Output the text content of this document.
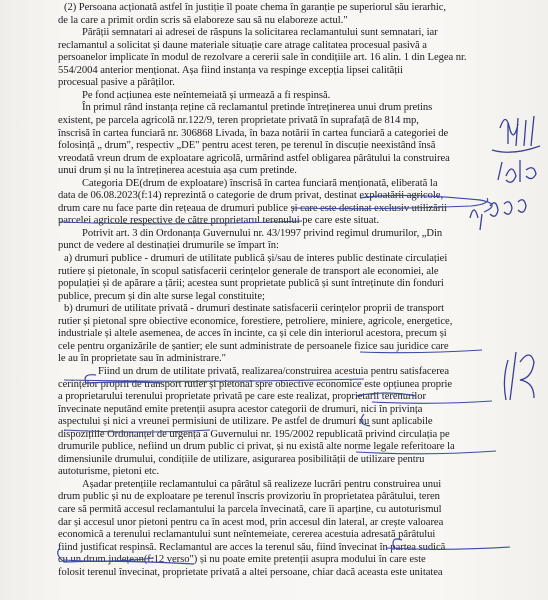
(2) Persoana acționată astfel în justiție îl poate chema în garanție pe superiorul său ierarhic,
de la care a primit ordin scris să elaboreze sau să nu elaboreze actul."
Părâții semnatari ai adresei de răspuns la solicitarea reclamantului sunt semnatari, iar
reclamantul a solicitat și daune materiale situație care atrage calitatea procesual pasivă a
persoanelor implicate în modul de rezolvare a cererii sale în condițiile art. 16 alin. 1 din Legea nr.
554/2004 anterior menționat. Așa fiind instanța va respinge excepția lipsei calității
procesual pasive a pârâților.
Pe fond acțiunea este neîntemeiată și urmează a fi respinsă.
În primul rând instanța reține că reclamantul pretinde întreținerea unui drum pretins
existent, pe parcela agricolă nr.122/9, teren proprietate privată în suprafață de 814 mp,
înscrisă în cartea funciară nr. 306868 Livada, în baza notării în cartea funciară a categoriei de
folosință „ drum", respectiv „DE" pentru acest teren, pe terenul în discuție neexistând însă
vreodată vreun drum de exploatare agricolă, urmărind astfel obligarea pârâtului la construirea
unui drum și nu la întreținerea acestuia așa cum pretinde.
Categoria DE(drum de exploatare) înscrisă în cartea funciară menționată, eliberată la
data de 06.08.2023(f:14) reprezintă o categorie de drum privat, destinat exploatării agricole,
drum care nu face parte din rețeaua de drumuri publice și care este destinat exclusiv utilizării
parcelei agricole respective de către proprietarul terenului pe care este situat.
Potrivit art. 3 din Ordonanța Guvernului nr. 43/1997 privind regimul drumurilor, „Din
punct de vedere al destinației drumurile se împart în:
a) drumuri publice - drumuri de utilitate publică și/sau de interes public destinate circulației
rutiere și pietonale, în scopul satisfacerii cerințelor generale de transport ale economiei, ale
populației și de apărare a țării; acestea sunt proprietate publică și sunt întreținute din fonduri
publice, precum și din alte surse legal constituite;
b) drumuri de utilitate privată - drumuri destinate satisfacerii cerințelor proprii de transport
rutier și pietonal spre obiective economice, forestiere, petroliere, miniere, agricole, energetice,
industriale și altele asemenea, de acces în incinte, ca și cele din interiorul acestora, precum și
cele pentru organizările de șantier; ele sunt administrate de persoanele fizice sau juridice care
le au în proprietate sau în administrare."
Fiind un drum de utilitate privată, realizarea/construirea acestuia pentru satisfacerea
cerințelor proprii de transport rutier și pietonal spre obiective economice este opțiunea proprie
a proprietarului terenului proprietate privată pe care este realizat, proprietarii terenurilor
învecinate neputând emite pretenții asupra acestor categorii de drumuri, nici în privința
aspectului și nici a vreunei permisiuni de utilizare. Pe astfel de drumuri nu sunt aplicabile
dispozițiile Ordonanței de urgență a Guvernului nr. 195/2002 republicată privind circulația pe
drumurile publice, nefiind un drum public ci privat, și nu există alte norme legale referitoare la
dimensiunile drumului, condițiile de utilizare, asigurarea posibilității de utilizare pentru
autoturisme, pietoni etc.
Așadar pretențiile reclamantului ca pârâtul să realizeze lucrări pentru construirea unui
drum public și nu de exploatare pe terenul înscris provizoriu în proprietatea pârâtului, teren
care să permită accesul reclamantului la parcela învecinată, care îi aparține, cu autoturismul
dar și accesul unor pietoni pentru ca în acest mod, prin accesul din lateral, ar crește valoarea
economică a terenului reclamantului sunt neîntemeiate, cererea acestuia adresată pârâtului
fiind justificat respinsă. Reclamantul are acces la terenul său, fiind învecinat în partea sudică
cu un drum județean(f:12 verso") și nu poate emite pretenții asupra modului în care este
folosit terenul învecinat, proprietate privată a altei persoane, chiar dacă aceasta este unitatea
